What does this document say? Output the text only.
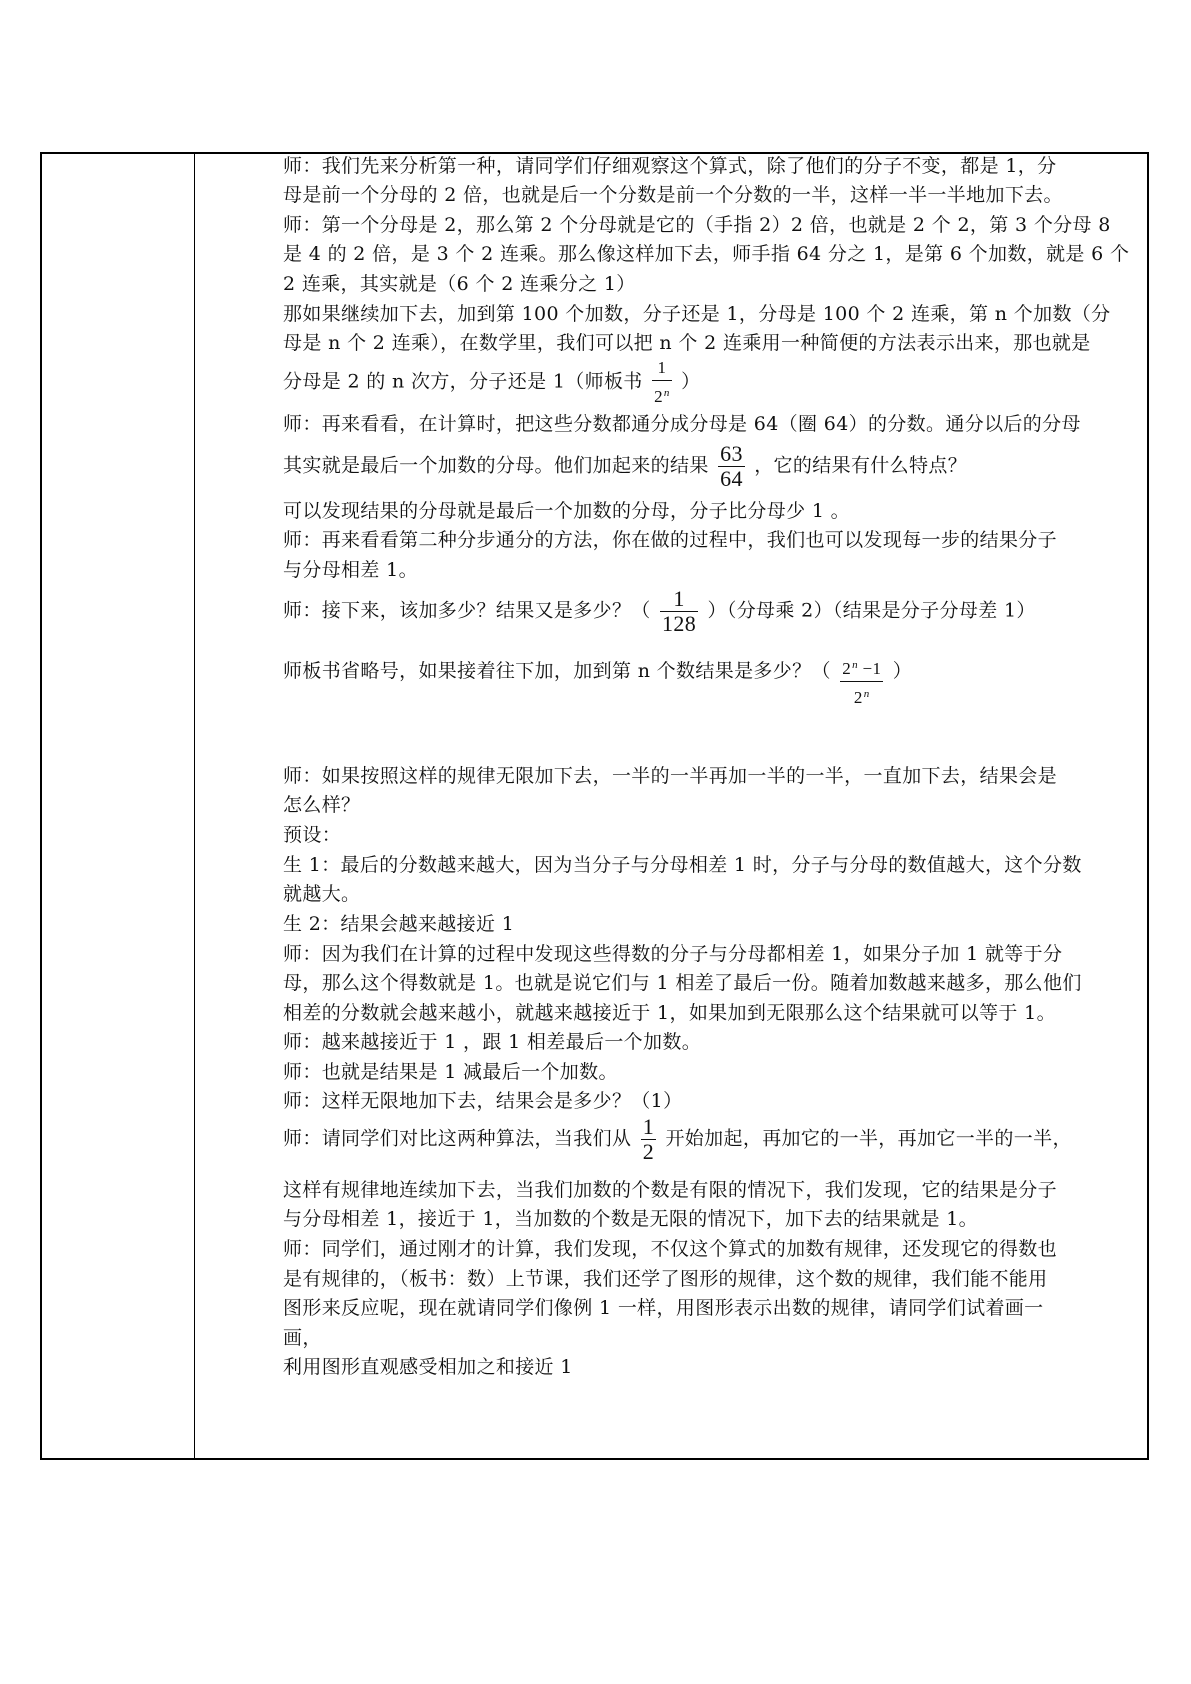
师：我们先来分析第一种，请同学们仔细观察这个算式，除了他们的分子不变，都是 1，分
母是前一个分母的 2 倍，也就是后一个分数是前一个分数的一半，这样一半一半地加下去。
师：第一个分母是 2，那么第 2 个分母就是它的（手指 2）2 倍，也就是 2 个 2，第 3 个分母 8
是 4 的 2 倍，是 3 个 2 连乘。那么像这样加下去，师手指 64 分之 1，是第 6 个加数，就是 6 个
2 连乘，其实就是（6 个 2 连乘分之 1）
那如果继续加下去，加到第 100 个加数，分子还是 1，分母是 100 个 2 连乘，第 n 个加数（分
母是 n 个 2 连乘），在数学里，我们可以把 n 个 2 连乘用一种简便的方法表示出来，那也就是
分母是 2 的 n 次方，分子还是 1（师板书 $\frac{1}{2^n}$ ）
师：再来看看，在计算时，把这些分数都通分成分母是 64（圈 64）的分数。通分以后的分母
其实就是最后一个加数的分母。他们加起来的结果 $\frac{63}{64}$ ，它的结果有什么特点？
可以发现结果的分母就是最后一个加数的分母，分子比分母少 1 。
师：再来看看第二种分步通分的方法，你在做的过程中，我们也可以发现每一步的结果分子
与分母相差 1。
师：接下来，该加多少？结果又是多少？（ $\frac{1}{128}$ ）（分母乘 2）（结果是分子分母差 1）
师板书省略号，如果接着往下加，加到第 n 个数结果是多少？（ $\frac{2^n -1}{2^n}$ ）
师：如果按照这样的规律无限加下去，一半的一半再加一半的一半，一直加下去，结果会是
怎么样？
预设：
生 1：最后的分数越来越大，因为当分子与分母相差 1 时，分子与分母的数值越大，这个分数
就越大。
生 2：结果会越来越接近 1
师：因为我们在计算的过程中发现这些得数的分子与分母都相差 1，如果分子加 1 就等于分
母，那么这个得数就是 1。也就是说它们与 1 相差了最后一份。随着加数越来越多，那么他们
相差的分数就会越来越小，就越来越接近于 1，如果加到无限那么这个结果就可以等于 1。
师：越来越接近于 1 ，跟 1 相差最后一个加数。
师：也就是结果是 1 减最后一个加数。
师：这样无限地加下去，结果会是多少？（1）
师：请同学们对比这两种算法，当我们从 $\frac{1}{2}$ 开始加起，再加它的一半，再加它一半的一半，
这样有规律地连续加下去，当我们加数的个数是有限的情况下，我们发现，它的结果是分子
与分母相差 1，接近于 1，当加数的个数是无限的情况下，加下去的结果就是 1。
师：同学们，通过刚才的计算，我们发现，不仅这个算式的加数有规律，还发现它的得数也
是有规律的，（板书：数）上节课，我们还学了图形的规律，这个数的规律，我们能不能用
图形来反应呢，现在就请同学们像例 1 一样，用图形表示出数的规律，请同学们试着画一
画，
利用图形直观感受相加之和接近 1
